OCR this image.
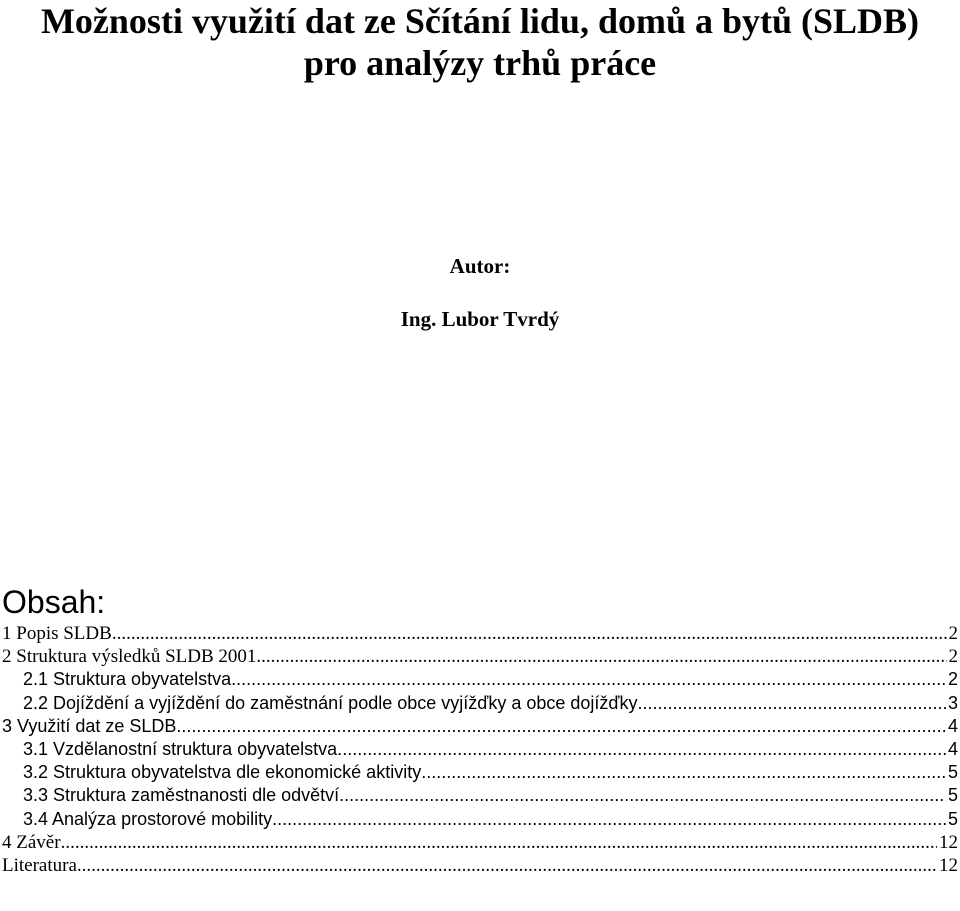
Možnosti využití dat ze Sčítání lidu, domů a bytů (SLDB)
pro analýzy trhů práce
Autor:
Ing. Lubor Tvrdý
Obsah:
1 Popis SLDB .....	2
2 Struktura výsledků SLDB 2001 .....	2
2.1 Struktura obyvatelstva .....	2
2.2 Dojíždění a vyjíždění do zaměstnání podle obce vyjížďky a obce dojížďky .....	3
3 Využití dat ze SLDB .....	4
3.1 Vzdělanostní struktura obyvatelstva. .....	4
3.2 Struktura obyvatelstva dle ekonomické aktivity .....	5
3.3 Struktura zaměstnanosti dle odvětví .....	5
3.4 Analýza prostorové mobility .....	5
4 Závěr .....	12
Literatura .....	12
